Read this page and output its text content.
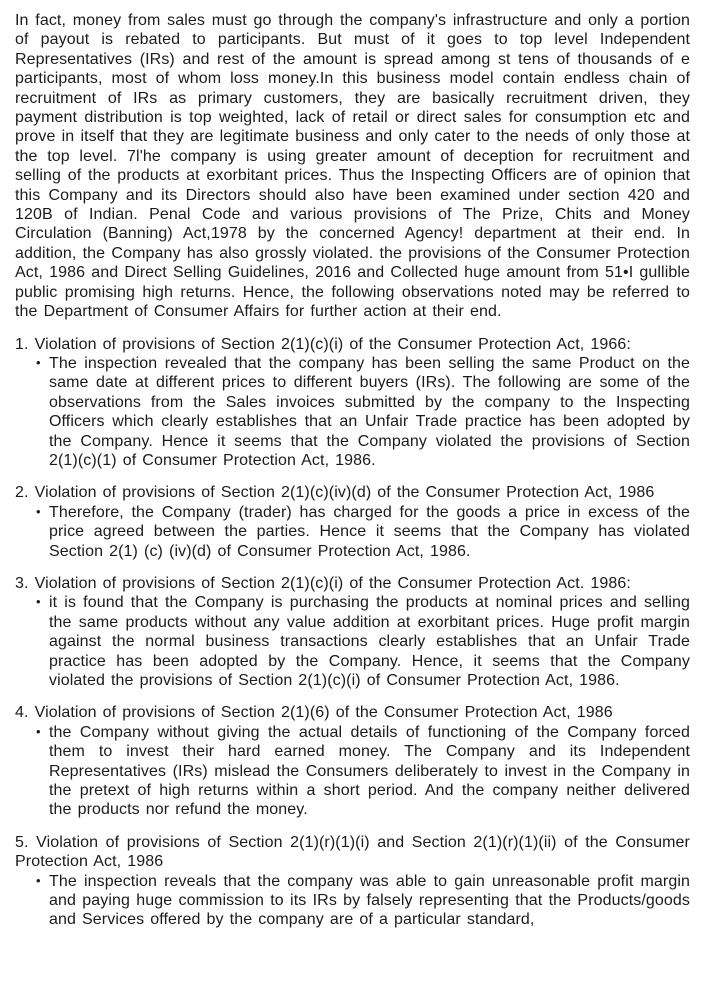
In fact, money from sales must go through the company's infrastructure and only a portion of payout is rebated to participants. But must of it goes to top level Independent Representatives (IRs) and rest of the amount is spread among st tens of thousands of e participants, most of whom loss money.In this business model contain endless chain of recruitment of IRs as primary customers, they are basically recruitment driven, they payment distribution is top weighted, lack of retail or direct sales for consumption etc and prove in itself that they are legitimate business and only cater to the needs of only those at the top level. 7l'he company is using greater amount of deception for recruitment and selling of the products at exorbitant prices. Thus the Inspecting Officers are of opinion that this Company and its Directors should also have been examined under section 420 and 120B of Indian. Penal Code and various provisions of The Prize, Chits and Money Circulation (Banning) Act,1978 by the concerned Agency! department at their end. In addition, the Company has also grossly violated. the provisions of the Consumer Protection Act, 1986 and Direct Selling Guidelines, 2016 and Collected huge amount from 51•I gullible public promising high returns. Hence, the following observations noted may be referred to the Department of Consumer Affairs for further action at their end.

1. Violation of provisions of Section 2(1)(c)(i) of the Consumer Protection Act, 1966:

• The inspection revealed that the company has been selling the same Product on the same date at different prices to different buyers (IRs). The following are some of the observations from the Sales invoices submitted by the company to the Inspecting Officers which clearly establishes that an Unfair Trade practice has been adopted by the Company. Hence it seems that the Company violated the provisions of Section 2(1)(c)(1) of Consumer Protection Act, 1986.

2. Violation of provisions of Section 2(1)(c)(iv)(d) of the Consumer Protection Act, 1986

• Therefore, the Company (trader) has charged for the goods a price in excess of the price agreed between the parties. Hence it seems that the Company has violated Section 2(1) (c) (iv)(d) of Consumer Protection Act, 1986.

3. Violation of provisions of Section 2(1)(c)(i) of the Consumer Protection Act. 1986:

• it is found that the Company is purchasing the products at nominal prices and selling the same products without any value addition at exorbitant prices. Huge profit margin against the normal business transactions clearly establishes that an Unfair Trade practice has been adopted by the Company. Hence, it seems that the Company violated the provisions of Section 2(1)(c)(i) of Consumer Protection Act, 1986.

4. Violation of provisions of Section 2(1)(6) of the Consumer Protection Act, 1986

• the Company without giving the actual details of functioning of the Company forced them to invest their hard earned money. The Company and its Independent Representatives (IRs) mislead the Consumers deliberately to invest in the Company in the pretext of high returns within a short period. And the company neither delivered the products nor refund the money.

5. Violation of provisions of Section 2(1)(r)(1)(i) and Section 2(1)(r)(1)(ii) of the Consumer Protection Act, 1986

• The inspection reveals that the company was able to gain unreasonable profit margin and paying huge commission to its IRs by falsely representing that the Products/goods and Services offered by the company are of a particular standard,
